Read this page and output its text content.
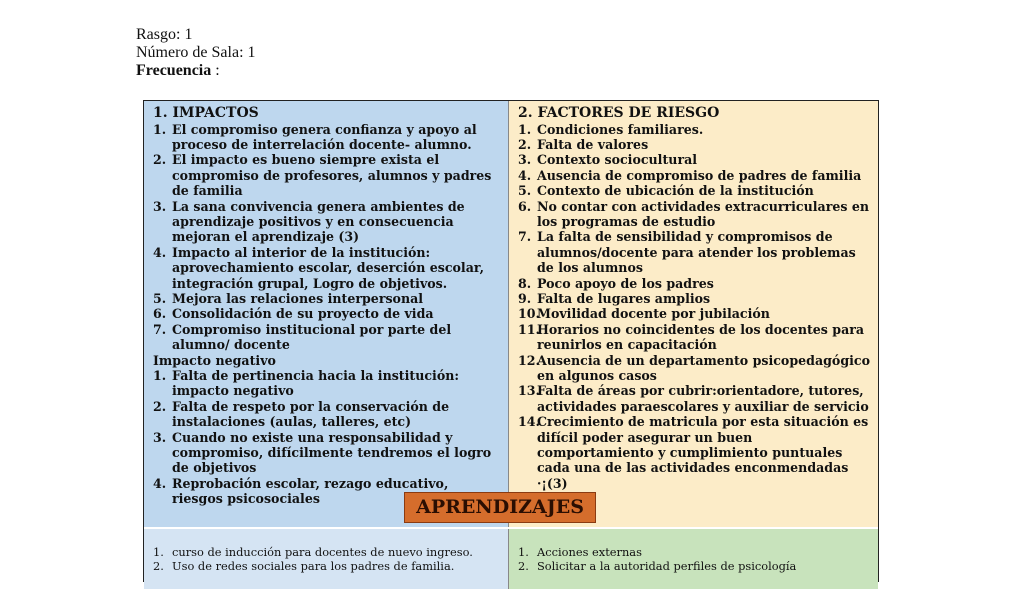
Rasgo: 1
Número de Sala: 1
Frecuencia :
1. IMPACTOS
1. El compromiso genera confianza y apoyo al proceso de interrelación docente- alumno.
2. El impacto es bueno siempre exista el compromiso de profesores, alumnos y padres de familia
3. La sana convivencia genera ambientes de aprendizaje positivos y en consecuencia mejoran el aprendizaje (3)
4. Impacto al interior de la institución: aprovechamiento escolar, deserción escolar, integración grupal, Logro de objetivos.
5. Mejora las relaciones interpersonal
6. Consolidación de su proyecto de vida
7. Compromiso institucional por parte del alumno/ docente
Impacto negativo
1. Falta de pertinencia hacia la institución: impacto negativo
2. Falta de respeto por la conservación de instalaciones (aulas, talleres, etc)
3. Cuando no existe una responsabilidad y compromiso, difícilmente tendremos el logro de objetivos
4. Reprobación escolar, rezago educativo, riesgos psicosociales
2. FACTORES DE RIESGO
1. Condiciones familiares.
2. Falta de valores
3. Contexto sociocultural
4. Ausencia de compromiso de padres de familia
5. Contexto de ubicación de la institución
6. No contar con actividades extracurriculares en los programas de estudio
7. La falta de sensibilidad y compromisos de alumnos/docente para atender los problemas de los alumnos
8. Poco apoyo de los padres
9. Falta de lugares amplios
10.
Movilidad docente por jubilación
11.
Horarios no coincidentes de los docentes para reunirlos en capacitación
12.
Ausencia de un departamento psicopedagógico en algunos casos
13.
Falta de áreas por cubrir:orientadore, tutores, actividades paraescolares y auxiliar de servicio
14.
Crecimiento de matricula por esta situación es difícil poder asegurar un buen comportamiento y cumplimiento puntuales cada una de las actividades enconmendadas ·¡(3)
1. curso de inducción para docentes de nuevo ingreso.
2. Uso de redes sociales para los padres de familia.
1. Acciones externas
2. Solicitar a la autoridad perfiles de psicología
APRENDIZAJES
